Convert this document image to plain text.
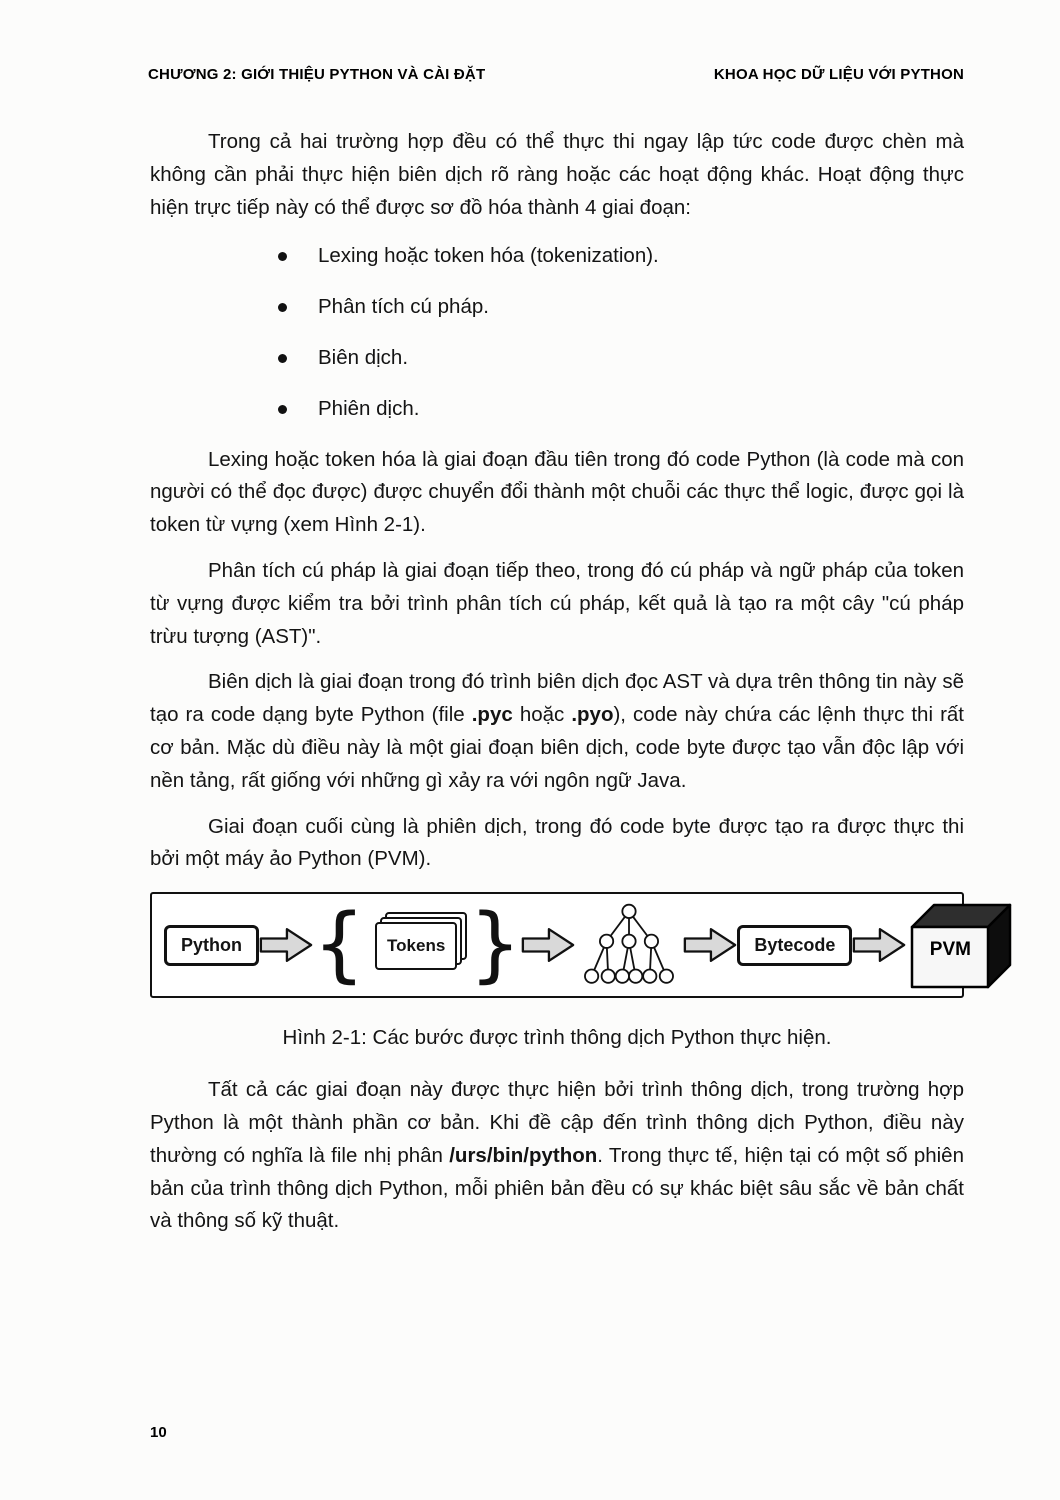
CHƯƠNG 2: GIỚI THIỆU PYTHON VÀ CÀI ĐẶT	KHOA HỌC DỮ LIỆU VỚI PYTHON

Trong cả hai trường hợp đều có thể thực thi ngay lập tức code được chèn mà không cần phải thực hiện biên dịch rõ ràng hoặc các hoạt động khác. Hoạt động thực hiện trực tiếp này có thể được sơ đồ hóa thành 4 giai đoạn:

Lexing hoặc token hóa (tokenization).
Phân tích cú pháp.
Biên dịch.
Phiên dịch.

Lexing hoặc token hóa là giai đoạn đầu tiên trong đó code Python (là code mà con người có thể đọc được) được chuyển đổi thành một chuỗi các thực thể logic, được gọi là token từ vựng (xem Hình 2-1).

Phân tích cú pháp là giai đoạn tiếp theo, trong đó cú pháp và ngữ pháp của token từ vựng được kiểm tra bởi trình phân tích cú pháp, kết quả là tạo ra một cây "cú pháp trừu tượng (AST)".

Biên dịch là giai đoạn trong đó trình biên dịch đọc AST và dựa trên thông tin này sẽ tạo ra code dạng byte Python (file .pyc hoặc .pyo), code này chứa các lệnh thực thi rất cơ bản. Mặc dù điều này là một giai đoạn biên dịch, code byte được tạo vẫn độc lập với nền tảng, rất giống với những gì xảy ra với ngôn ngữ Java.

Giai đoạn cuối cùng là phiên dịch, trong đó code byte được tạo ra được thực thi bởi một máy ảo Python (PVM).

Python { Tokens }	Bytecode	PVM

Hình 2-1: Các bước được trình thông dịch Python thực hiện.

Tất cả các giai đoạn này được thực hiện bởi trình thông dịch, trong trường hợp Python là một thành phần cơ bản. Khi đề cập đến trình thông dịch Python, điều này thường có nghĩa là file nhị phân /urs/bin/python. Trong thực tế, hiện tại có một số phiên bản của trình thông dịch Python, mỗi phiên bản đều có sự khác biệt sâu sắc về bản chất và thông số kỹ thuật.

10
